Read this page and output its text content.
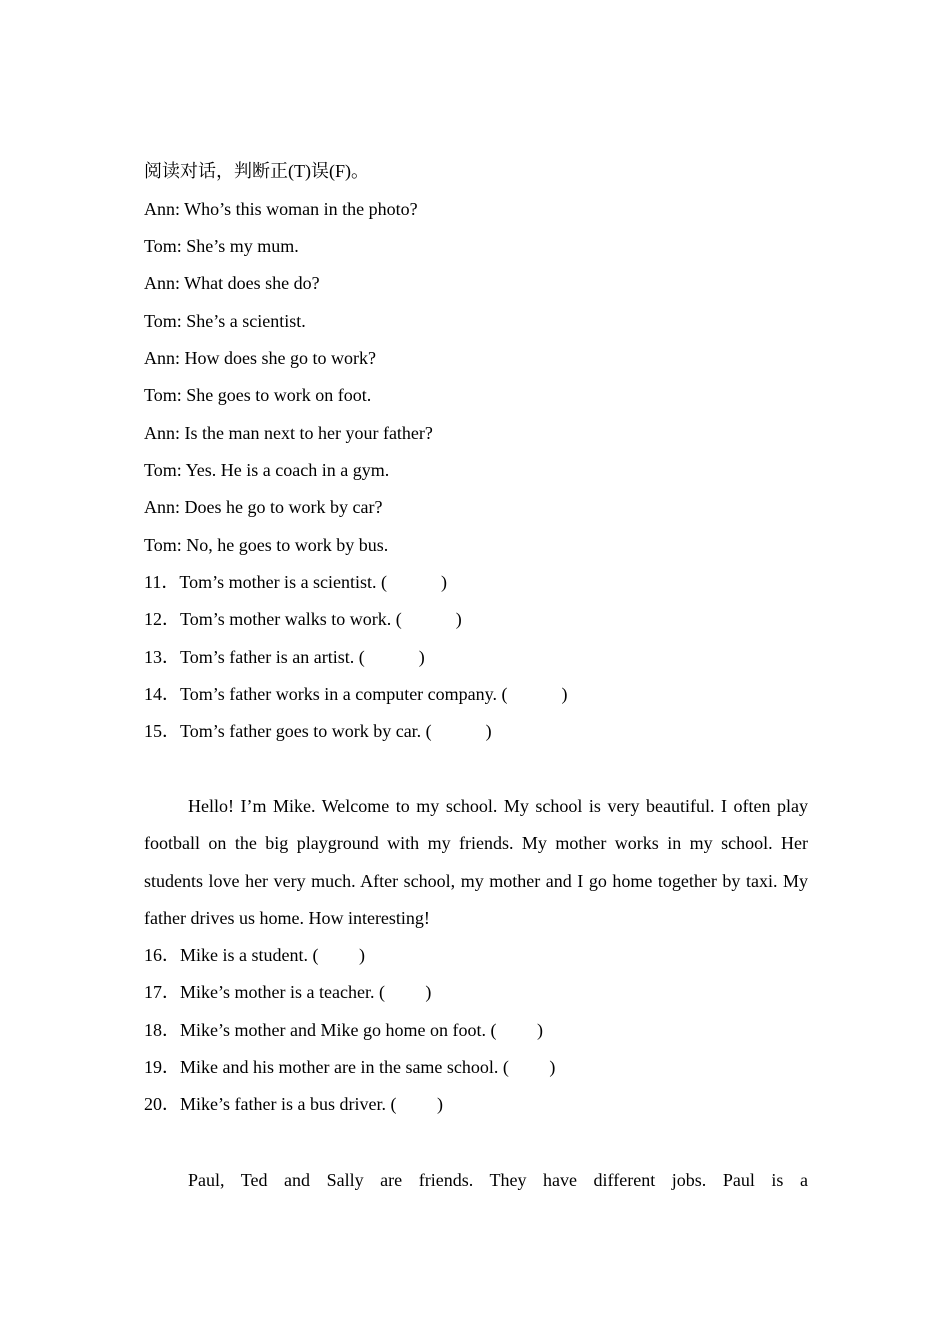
阅读对话，判断正(T)误(F)。
Ann: Who’s this woman in the photo?
Tom: She’s my mum.
Ann: What does she do?
Tom: She’s a scientist.
Ann: How does she go to work?
Tom: She goes to work on foot.
Ann: Is the man next to her your father?
Tom: Yes. He is a coach in a gym.
Ann: Does he go to work by car?
Tom: No, he goes to work by bus.
11．Tom’s mother is a scientist. (            )
12．Tom’s mother walks to work. (            )
13．Tom’s father is an artist. (            )
14．Tom’s father works in a computer company. (            )
15．Tom’s father goes to work by car. (            )
Hello! I’m Mike. Welcome to my school. My school is very beautiful. I often play football on the big playground with my friends. My mother works in my school. Her students love her very much. After school, my mother and I go home together by taxi. My father drives us home. How interesting!
16．Mike is a student. (         )
17．Mike’s mother is a teacher. (         )
18．Mike’s mother and Mike go home on foot. (         )
19．Mike and his mother are in the same school. (         )
20．Mike’s father is a bus driver. (         )
Paul, Ted and Sally are friends. They have different jobs. Paul is a
